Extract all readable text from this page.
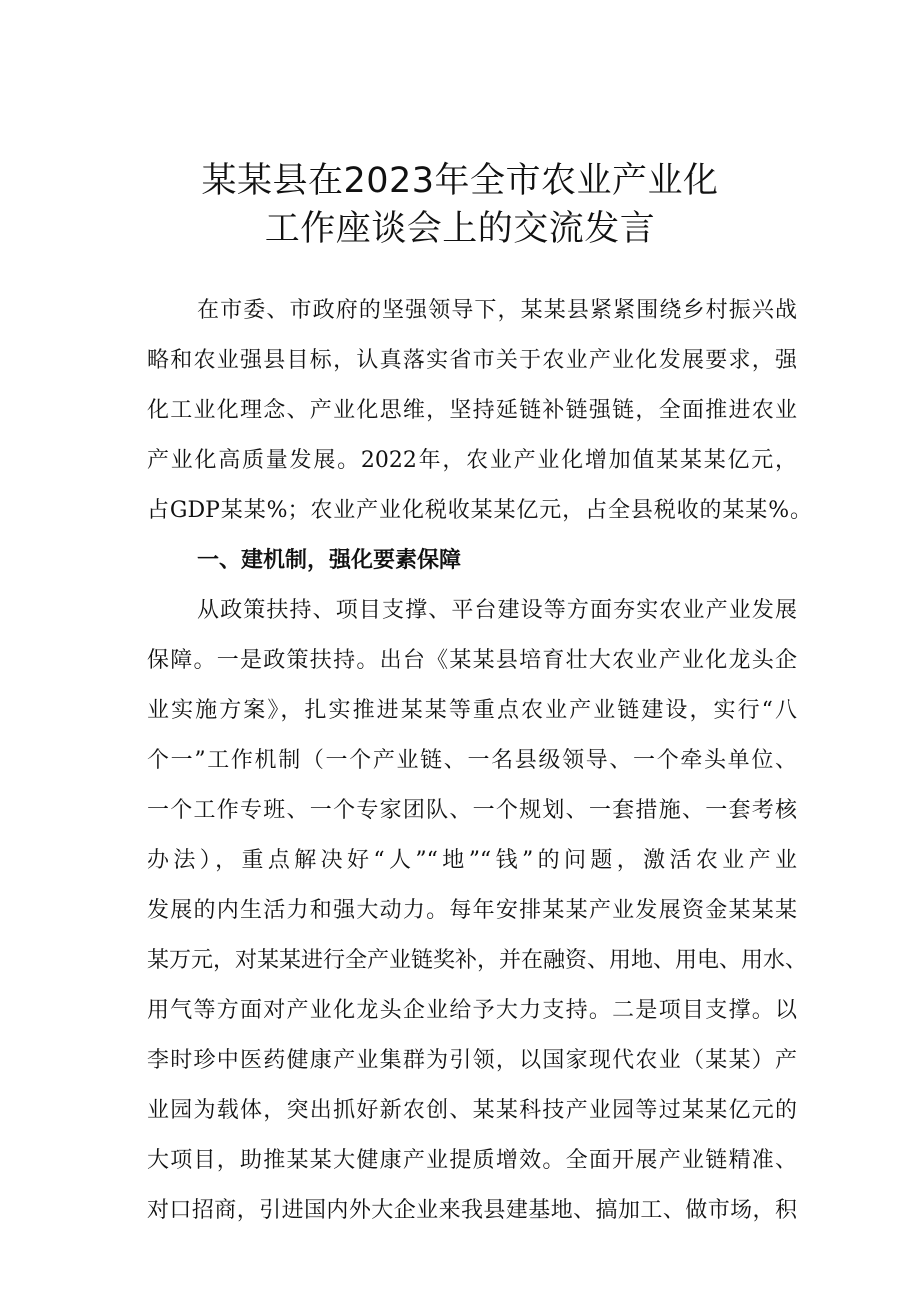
某某县在2023年全市农业产业化
工作座谈会上的交流发言
在市委、市政府的坚强领导下，某某县紧紧围绕乡村振兴战
略和农业强县目标，认真落实省市关于农业产业化发展要求，强
化工业化理念、产业化思维，坚持延链补链强链，全面推进农业
产业化高质量发展。2022年，农业产业化增加值某某某亿元，
占GDP某某%；农业产业化税收某某亿元，占全县税收的某某%。
一、建机制，强化要素保障
从政策扶持、项目支撑、平台建设等方面夯实农业产业发展
保障。一是政策扶持。出台《某某县培育壮大农业产业化龙头企
业实施方案》，扎实推进某某等重点农业产业链建设，实行“八
个一”工作机制（一个产业链、一名县级领导、一个牵头单位、
一个工作专班、一个专家团队、一个规划、一套措施、一套考核
办法），重点解决好“人”“地”“钱”的问题，激活农业产业
发展的内生活力和强大动力。每年安排某某产业发展资金某某某
某万元，对某某进行全产业链奖补，并在融资、用地、用电、用水、
用气等方面对产业化龙头企业给予大力支持。二是项目支撑。以
李时珍中医药健康产业集群为引领，以国家现代农业（某某）产
业园为载体，突出抓好新农创、某某科技产业园等过某某亿元的
大项目，助推某某大健康产业提质增效。全面开展产业链精准、
对口招商，引进国内外大企业来我县建基地、搞加工、做市场，积
